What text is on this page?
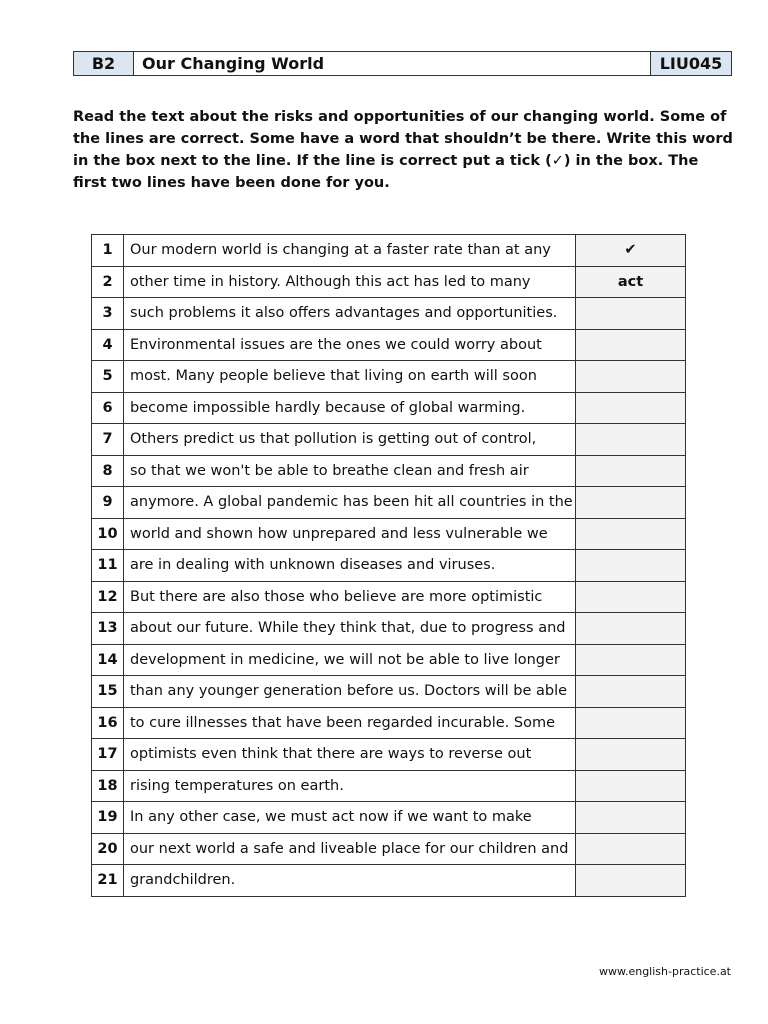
B2	Our Changing World	LIU045

Read the text about the risks and opportunities of our changing world. Some of the lines are correct. Some have a word that shouldn’t be there. Write this word in the box next to the line. If the line is correct put a tick (✓) in the box. The first two lines have been done for you.

1	Our modern world is changing at a faster rate than at any	✔
2	other time in history. Although this act has led to many	act
3	such problems it also offers advantages and opportunities.	
4	Environmental issues are the ones we could worry about	
5	most. Many people believe that living on earth will soon	
6	become impossible hardly because of global warming.	
7	Others predict us that pollution is getting out of control,	
8	so that we won't be able to breathe clean and fresh air	
9	anymore. A global pandemic has been hit all countries in the	
10	world and shown how unprepared and less vulnerable we	
11	are in dealing with unknown diseases and viruses.	
12	But there are also those who believe are more optimistic	
13	about our future. While they think that, due to progress and	
14	development in medicine, we will not be able to live longer	
15	than any younger generation before us. Doctors will be able	
16	to cure illnesses that have been regarded incurable. Some	
17	optimists even think that there are ways to reverse out	
18	rising temperatures on earth.	
19	In any other case, we must act now if we want to make	
20	our next world a safe and liveable place for our children and	
21	grandchildren.	
www.english-practice.at
